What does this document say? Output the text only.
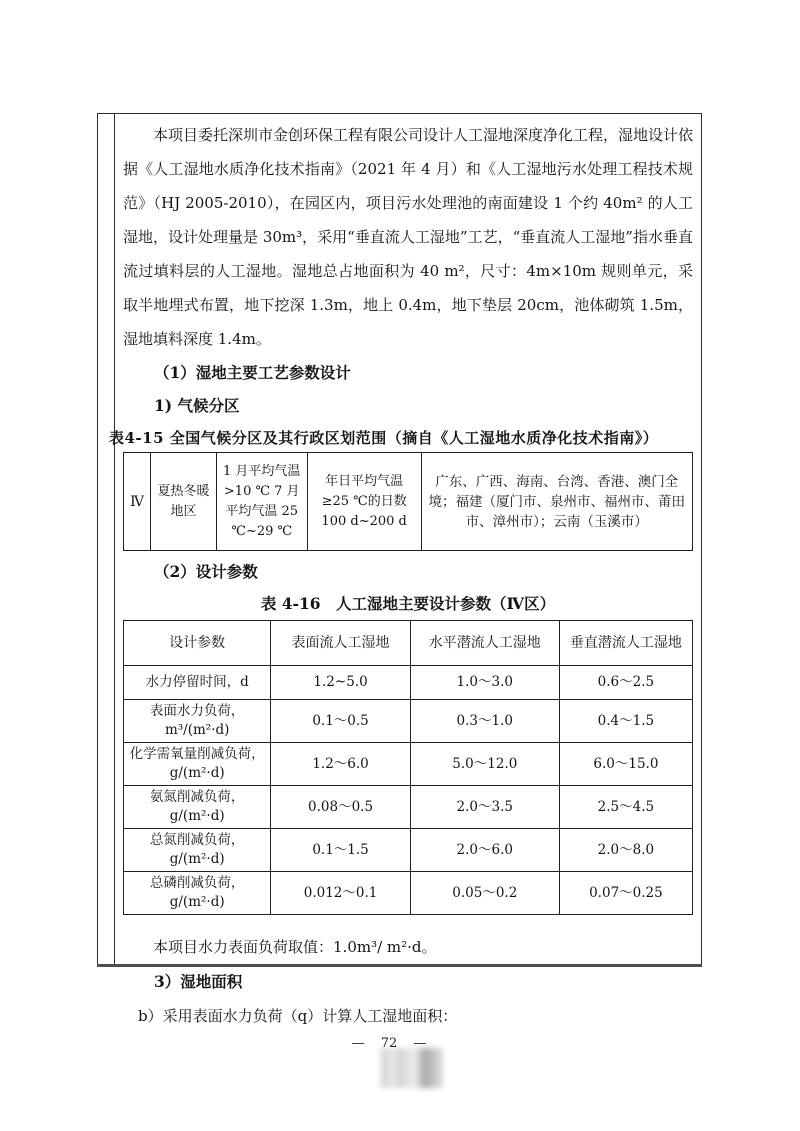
本项目委托深圳市金创环保工程有限公司设计人工湿地深度净化工程，湿地设计依据《人工湿地水质净化技术指南》（2021 年 4 月）和《人工湿地污水处理工程技术规范》（HJ 2005-2010），在园区内，项目污水处理池的南面建设 1 个约 40m² 的人工湿地，设计处理量是 30m³，采用“垂直流人工湿地”工艺，“垂直流人工湿地”指水垂直流过填料层的人工湿地。湿地总占地面积为 40 m²，尺寸：4m×10m 规则单元，采取半地埋式布置，地下挖深 1.3m，地上 0.4m，地下垫层 20cm，池体砌筑 1.5m，湿地填料深度 1.4m。

（1）湿地主要工艺参数设计
1) 气候分区
表4-15 全国气候分区及其行政区划范围（摘自《人工湿地水质净化技术指南》）
Ⅳ	夏热冬暖地区	1 月平均气温>10 ℃ 7 月平均气温 25 ℃~29 ℃	年日平均气温≥25 ℃的日数 100 d~200 d	广东、广西、海南、台湾、香港、澳门全境；福建（厦门市、泉州市、福州市、莆田市、漳州市）；云南（玉溪市）
（2）设计参数
表 4-16　人工湿地主要设计参数（Ⅳ区）
设计参数	表面流人工湿地	水平潜流人工湿地	垂直潜流人工湿地
水力停留时间，d	1.2~5.0	1.0～3.0	0.6～2.5
表面水力负荷，m³/(m²·d)	0.1～0.5	0.3～1.0	0.4～1.5
化学需氧量削减负荷，g/(m²·d)	1.2～6.0	5.0～12.0	6.0～15.0
氨氮削减负荷，g/(m²·d)	0.08～0.5	2.0～3.5	2.5～4.5
总氮削减负荷，g/(m²·d)	0.1～1.5	2.0～6.0	2.0～8.0
总磷削减负荷，g/(m²·d)	0.012～0.1	0.05～0.2	0.07～0.25

本项目水力表面负荷取值：1.0m³/ m²·d。

3）湿地面积

b）采用表面水力负荷（q）计算人工湿地面积：

— 72 —
